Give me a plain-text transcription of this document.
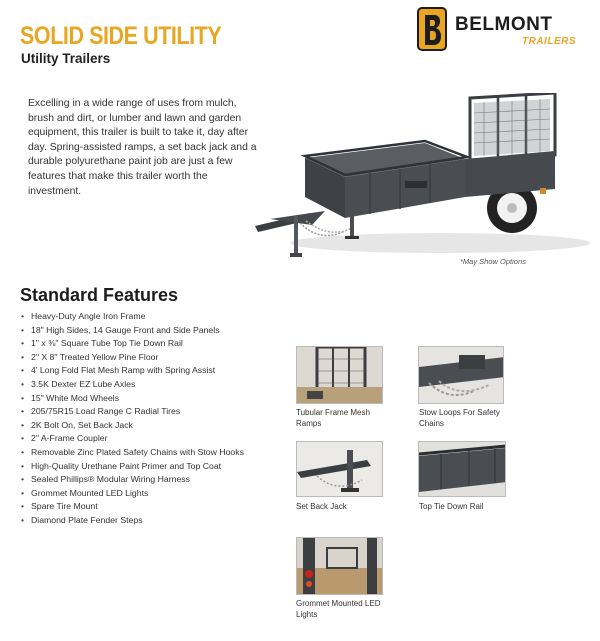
SOLID SIDE UTILITY
Utility Trailers
BELMONT
TRAILERS

Excelling in a wide range of uses from mulch, brush and dirt, or lumber and lawn and garden equipment, this trailer is built to take it, day after day. Spring-assisted ramps, a set back jack and a durable polyurethane paint job are just a few features that make this trailer worth the investment.

*May Show Options
Standard Features
• Heavy-Duty Angle Iron Frame
• 18" High Sides, 14 Gauge Front and Side Panels
• 1" x ⅜" Square Tube Top Tie Down Rail
• 2" X 8" Treated Yellow Pine Floor
• 4' Long Fold Flat Mesh Ramp with Spring Assist
• 3.5K Dexter EZ Lube Axles
• 15" White Mod Wheels
• 205/75R15 Load Range C Radial Tires
• 2K Bolt On, Set Back Jack
• 2" A-Frame Coupler
• Removable Zinc Plated Safety Chains with Stow Hooks
• High-Quality Urethane Paint Primer and Top Coat
• Sealed Phillips® Modular Wiring Harness
• Grommet Mounted LED Lights
• Spare Tire Mount
• Diamond Plate Fender Steps
Tubular Frame Mesh Ramps
Stow Loops For Safety Chains
Set Back Jack	Top Tie Down Rail
Grommet Mounted LED Lights
